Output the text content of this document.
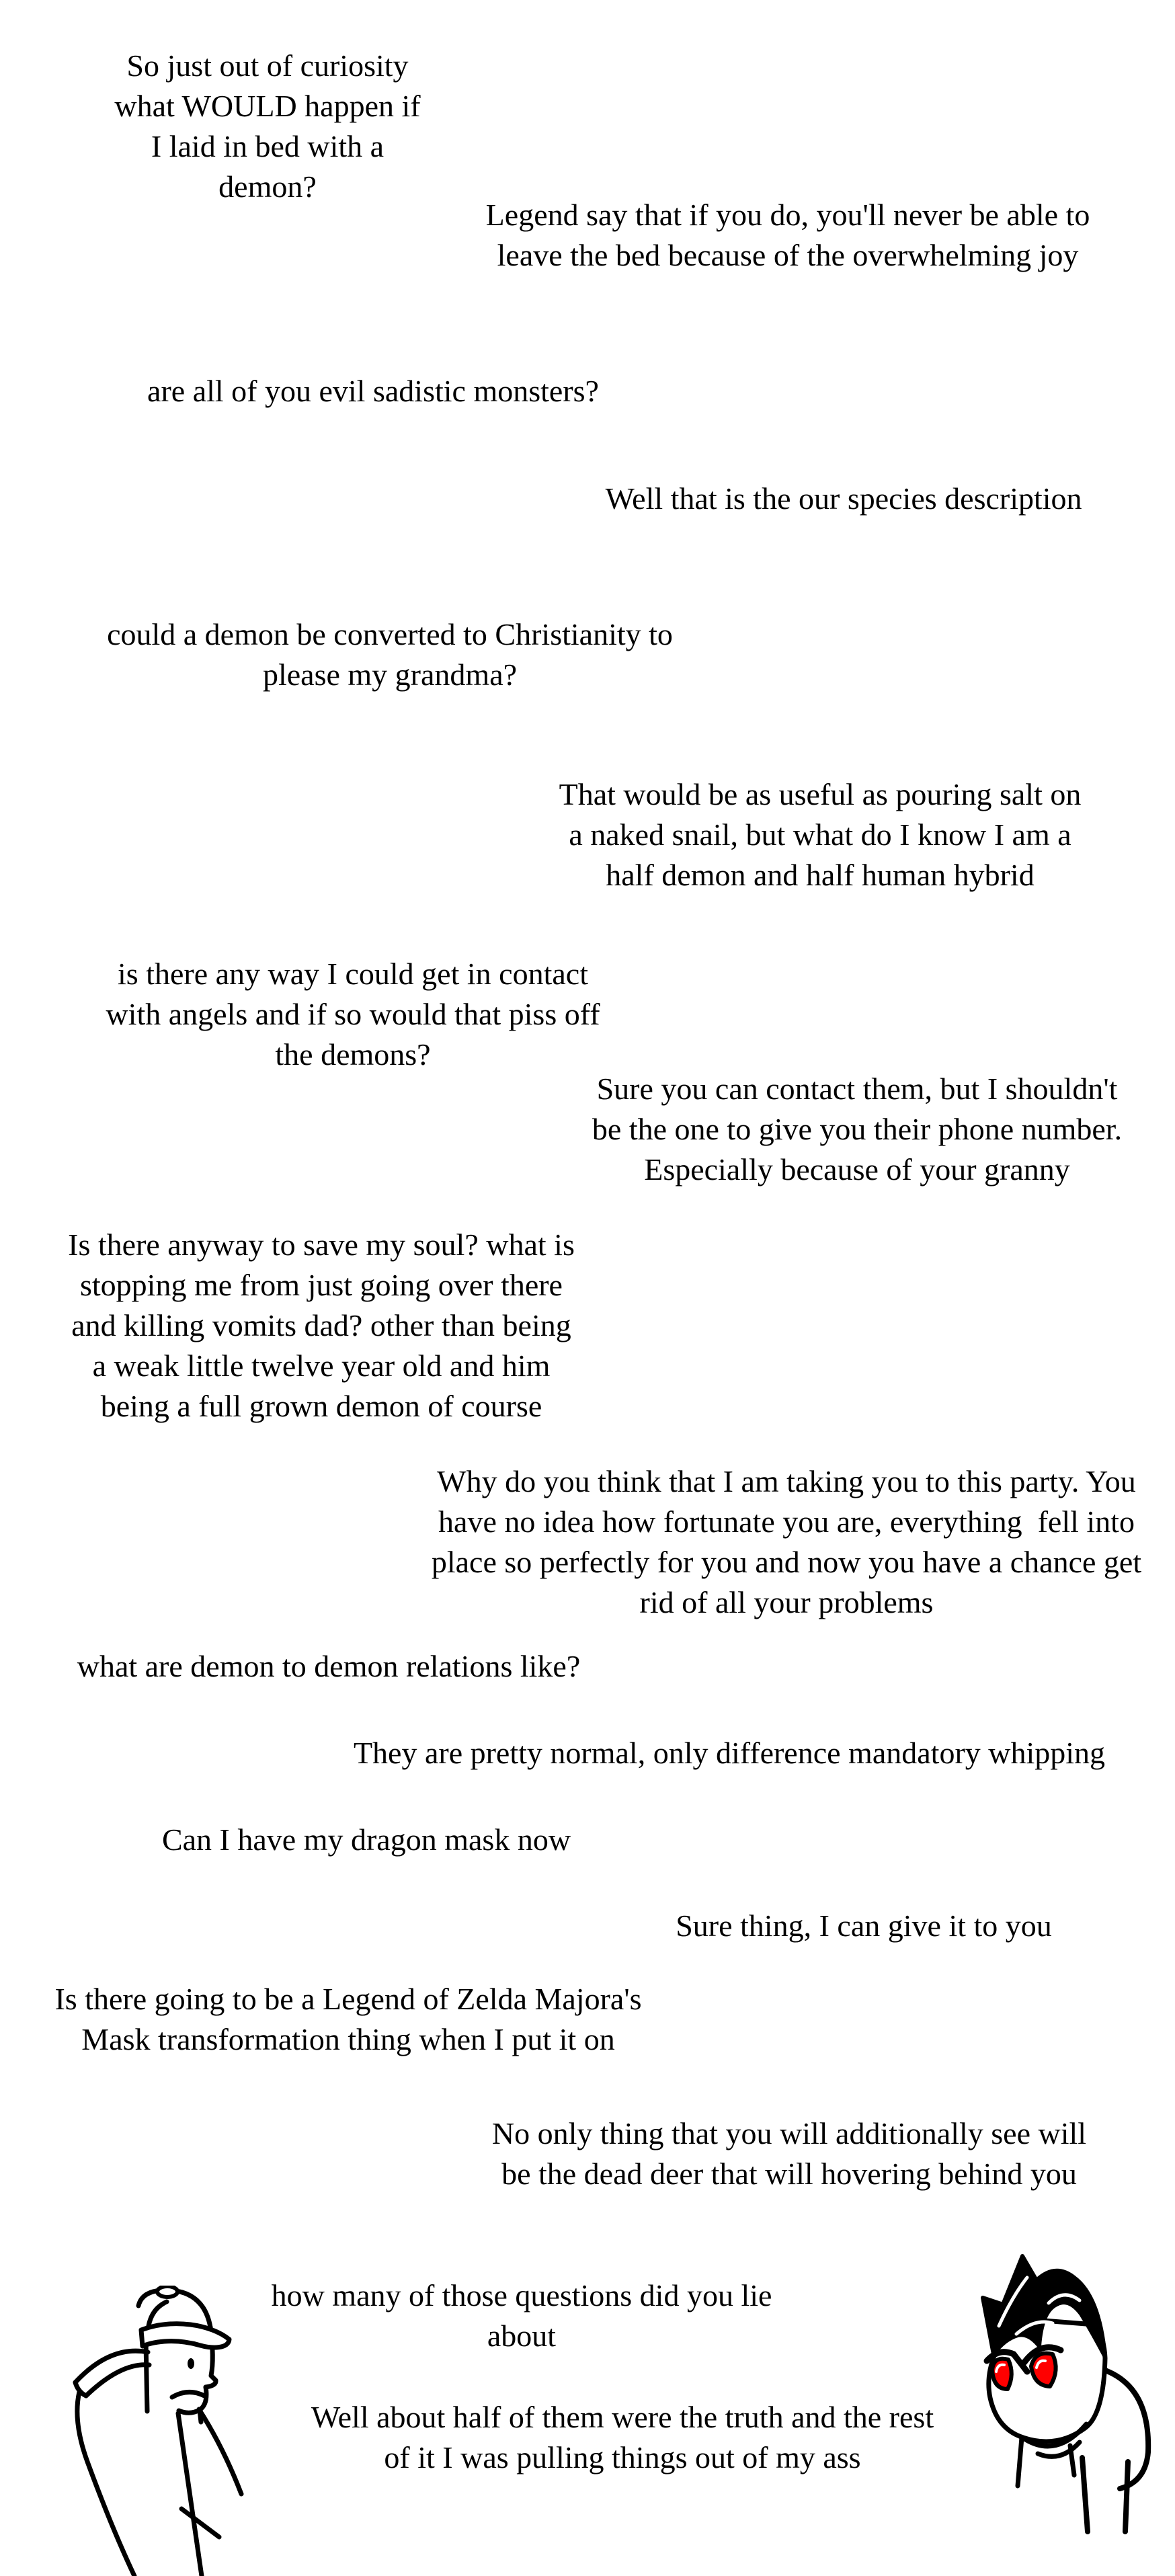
So just out of curiosity
what WOULD happen if
I laid in bed with a
demon?
Legend say that if you do, you'll never be able to
leave the bed because of the overwhelming joy
are all of you evil sadistic monsters?
Well that is the our species description
could a demon be converted to Christianity to
please my grandma?
That would be as useful as pouring salt on
a naked snail, but what do I know I am a
half demon and half human hybrid
is there any way I could get in contact
with angels and if so would that piss off
the demons?
Sure you can contact them, but I shouldn't
be the one to give you their phone number.
Especially because of your granny
Is there anyway to save my soul? what is
stopping me from just going over there
and killing vomits dad? other than being
a weak little twelve year old and him
being a full grown demon of course
Why do you think that I am taking you to this party. You
have no idea how fortunate you are, everything  fell into
place so perfectly for you and now you have a chance get
rid of all your problems
what are demon to demon relations like?
They are pretty normal, only difference mandatory whipping
Can I have my dragon mask now
Sure thing, I can give it to you
Is there going to be a Legend of Zelda Majora's
Mask transformation thing when I put it on
No only thing that you will additionally see will
be the dead deer that will hovering behind you
how many of those questions did you lie
about
Well about half of them were the truth and the rest
of it I was pulling things out of my ass
